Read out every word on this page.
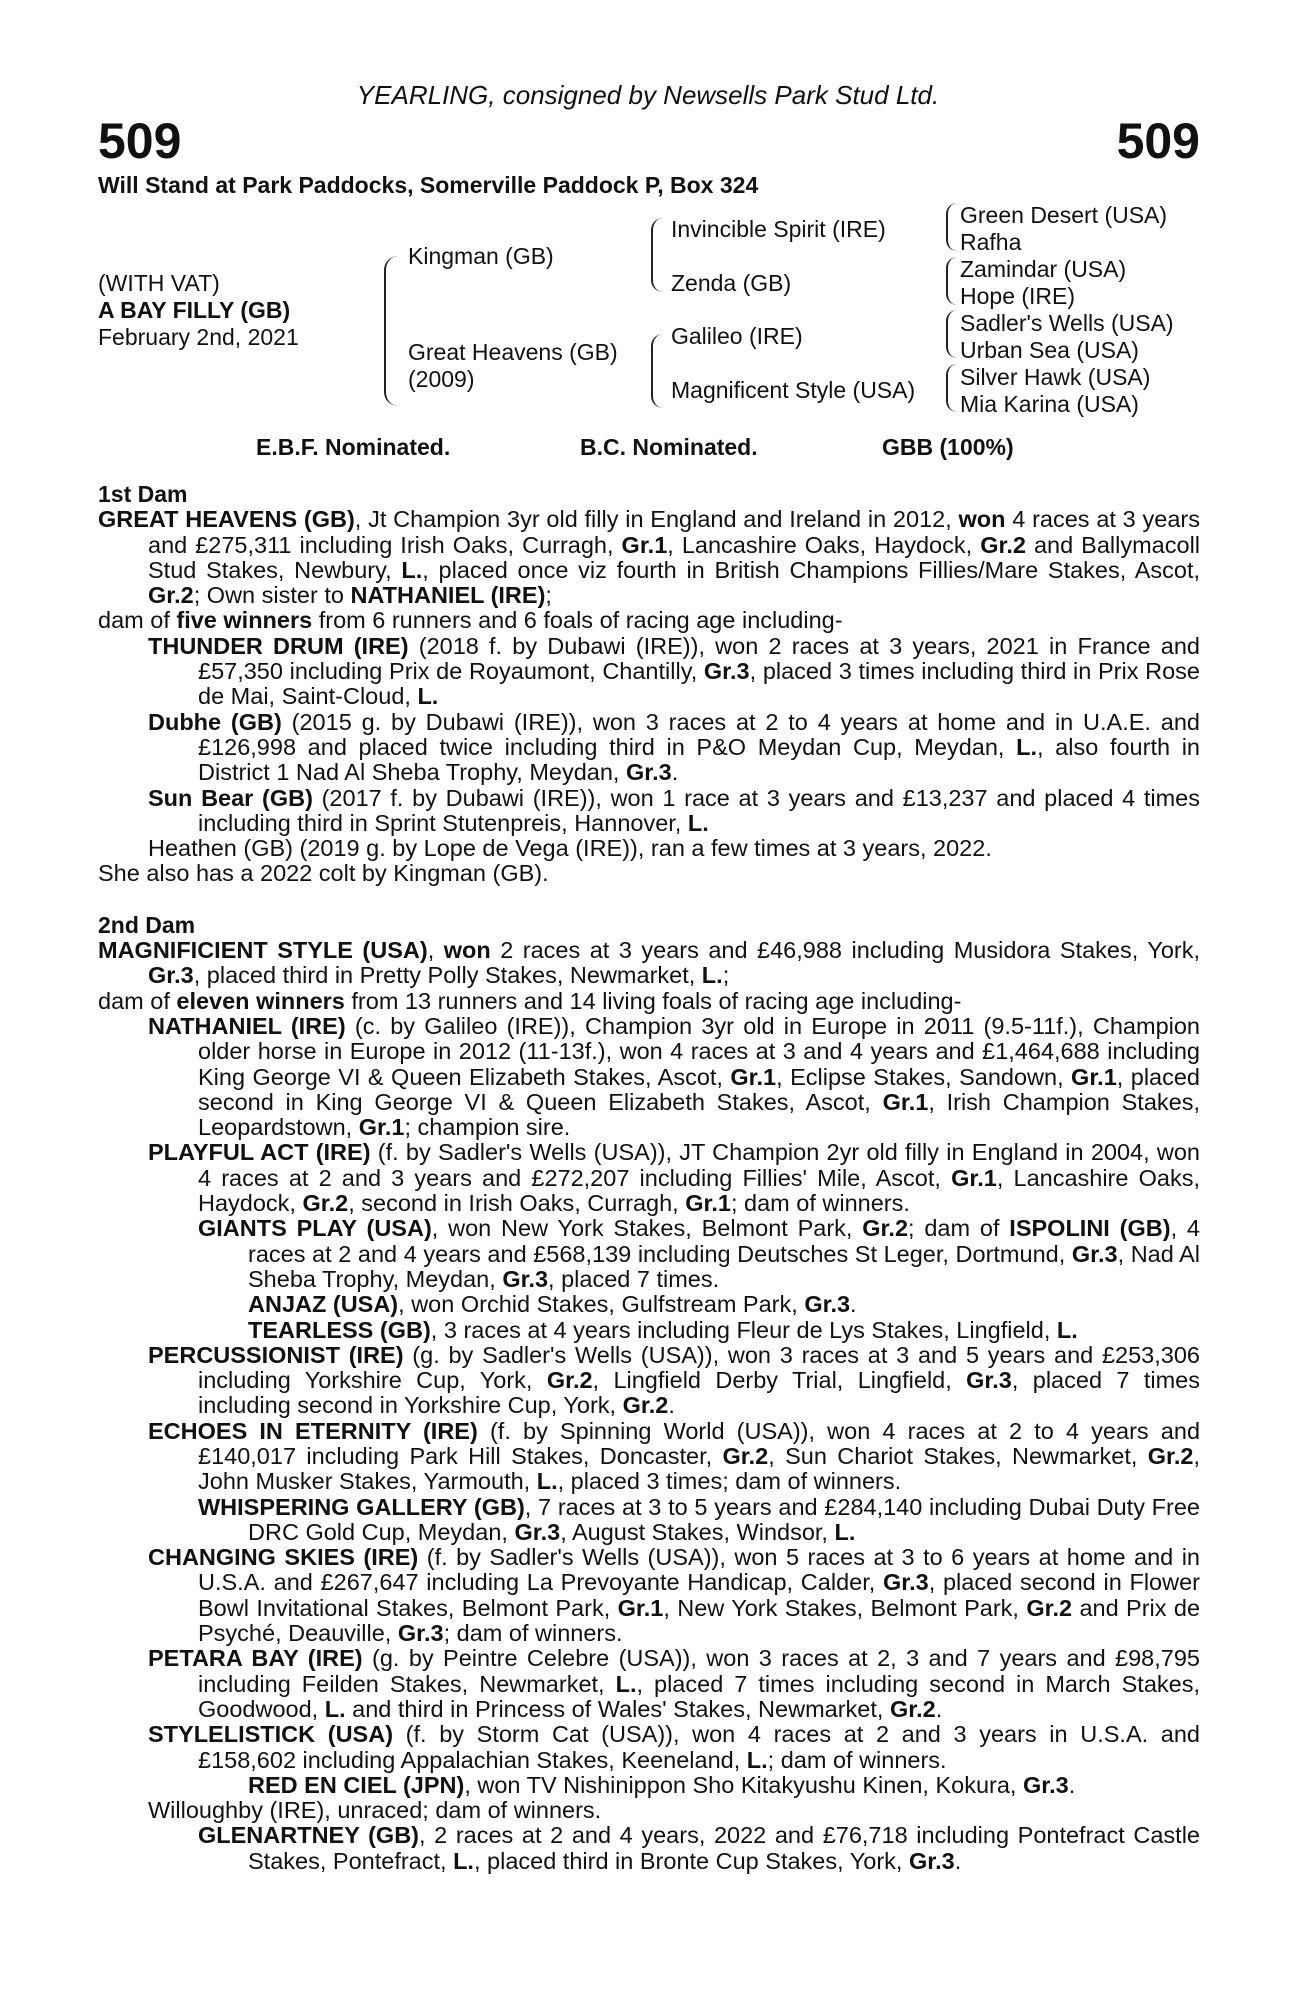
YEARLING, consigned by Newsells Park Stud Ltd.
509	509
Will Stand at Park Paddocks, Somerville Paddock P, Box 324
(WITH VAT)
A BAY FILLY (GB)
February 2nd, 2021
Kingman (GB)
Great Heavens (GB)
(2009)
Invincible Spirit (IRE)
Zenda (GB)
Galileo (IRE)
Magnificent Style (USA)
Green Desert (USA)
Rafha
Zamindar (USA)
Hope (IRE)
Sadler's Wells (USA)
Urban Sea (USA)
Silver Hawk (USA)
Mia Karina (USA)
E.B.F. Nominated.	B.C. Nominated.	GBB (100%)
1st Dam

GREAT HEAVENS (GB), Jt Champion 3yr old filly in England and Ireland in 2012, won 4 races at 3 years and £275,311 including Irish Oaks, Curragh, Gr.1, Lancashire Oaks, Haydock, Gr.2 and Ballymacoll Stud Stakes, Newbury, L., placed once viz fourth in British Champions Fillies/Mare Stakes, Ascot, Gr.2; Own sister to NATHANIEL (IRE);

dam of five winners from 6 runners and 6 foals of racing age including-

THUNDER DRUM (IRE) (2018 f. by Dubawi (IRE)), won 2 races at 3 years, 2021 in France and £57,350 including Prix de Royaumont, Chantilly, Gr.3, placed 3 times including third in Prix Rose de Mai, Saint-Cloud, L.

Dubhe (GB) (2015 g. by Dubawi (IRE)), won 3 races at 2 to 4 years at home and in U.A.E. and £126,998 and placed twice including third in P&O Meydan Cup, Meydan, L., also fourth in District 1 Nad Al Sheba Trophy, Meydan, Gr.3.

Sun Bear (GB) (2017 f. by Dubawi (IRE)), won 1 race at 3 years and £13,237 and placed 4 times including third in Sprint Stutenpreis, Hannover, L.

Heathen (GB) (2019 g. by Lope de Vega (IRE)), ran a few times at 3 years, 2022.

She also has a 2022 colt by Kingman (GB).

2nd Dam

MAGNIFICIENT STYLE (USA), won 2 races at 3 years and £46,988 including Musidora Stakes, York, Gr.3, placed third in Pretty Polly Stakes, Newmarket, L.;

dam of eleven winners from 13 runners and 14 living foals of racing age including-

NATHANIEL (IRE) (c. by Galileo (IRE)), Champion 3yr old in Europe in 2011 (9.5-11f.), Champion older horse in Europe in 2012 (11-13f.), won 4 races at 3 and 4 years and £1,464,688 including King George VI & Queen Elizabeth Stakes, Ascot, Gr.1, Eclipse Stakes, Sandown, Gr.1, placed second in King George VI & Queen Elizabeth Stakes, Ascot, Gr.1, Irish Champion Stakes, Leopardstown, Gr.1; champion sire.

PLAYFUL ACT (IRE) (f. by Sadler's Wells (USA)), JT Champion 2yr old filly in England in 2004, won 4 races at 2 and 3 years and £272,207 including Fillies' Mile, Ascot, Gr.1, Lancashire Oaks, Haydock, Gr.2, second in Irish Oaks, Curragh, Gr.1; dam of winners.

GIANTS PLAY (USA), won New York Stakes, Belmont Park, Gr.2; dam of ISPOLINI (GB), 4 races at 2 and 4 years and £568,139 including Deutsches St Leger, Dortmund, Gr.3, Nad Al Sheba Trophy, Meydan, Gr.3, placed 7 times.

ANJAZ (USA), won Orchid Stakes, Gulfstream Park, Gr.3.

TEARLESS (GB), 3 races at 4 years including Fleur de Lys Stakes, Lingfield, L.

PERCUSSIONIST (IRE) (g. by Sadler's Wells (USA)), won 3 races at 3 and 5 years and £253,306 including Yorkshire Cup, York, Gr.2, Lingfield Derby Trial, Lingfield, Gr.3, placed 7 times including second in Yorkshire Cup, York, Gr.2.

ECHOES IN ETERNITY (IRE) (f. by Spinning World (USA)), won 4 races at 2 to 4 years and £140,017 including Park Hill Stakes, Doncaster, Gr.2, Sun Chariot Stakes, Newmarket, Gr.2, John Musker Stakes, Yarmouth, L., placed 3 times; dam of winners.

WHISPERING GALLERY (GB), 7 races at 3 to 5 years and £284,140 including Dubai Duty Free DRC Gold Cup, Meydan, Gr.3, August Stakes, Windsor, L.

CHANGING SKIES (IRE) (f. by Sadler's Wells (USA)), won 5 races at 3 to 6 years at home and in U.S.A. and £267,647 including La Prevoyante Handicap, Calder, Gr.3, placed second in Flower Bowl Invitational Stakes, Belmont Park, Gr.1, New York Stakes, Belmont Park, Gr.2 and Prix de Psyché, Deauville, Gr.3; dam of winners.

PETARA BAY (IRE) (g. by Peintre Celebre (USA)), won 3 races at 2, 3 and 7 years and £98,795 including Feilden Stakes, Newmarket, L., placed 7 times including second in March Stakes, Goodwood, L. and third in Princess of Wales' Stakes, Newmarket, Gr.2.

STYLELISTICK (USA) (f. by Storm Cat (USA)), won 4 races at 2 and 3 years in U.S.A. and £158,602 including Appalachian Stakes, Keeneland, L.; dam of winners.

RED EN CIEL (JPN), won TV Nishinippon Sho Kitakyushu Kinen, Kokura, Gr.3.

Willoughby (IRE), unraced; dam of winners.

GLENARTNEY (GB), 2 races at 2 and 4 years, 2022 and £76,718 including Pontefract Castle Stakes, Pontefract, L., placed third in Bronte Cup Stakes, York, Gr.3.
